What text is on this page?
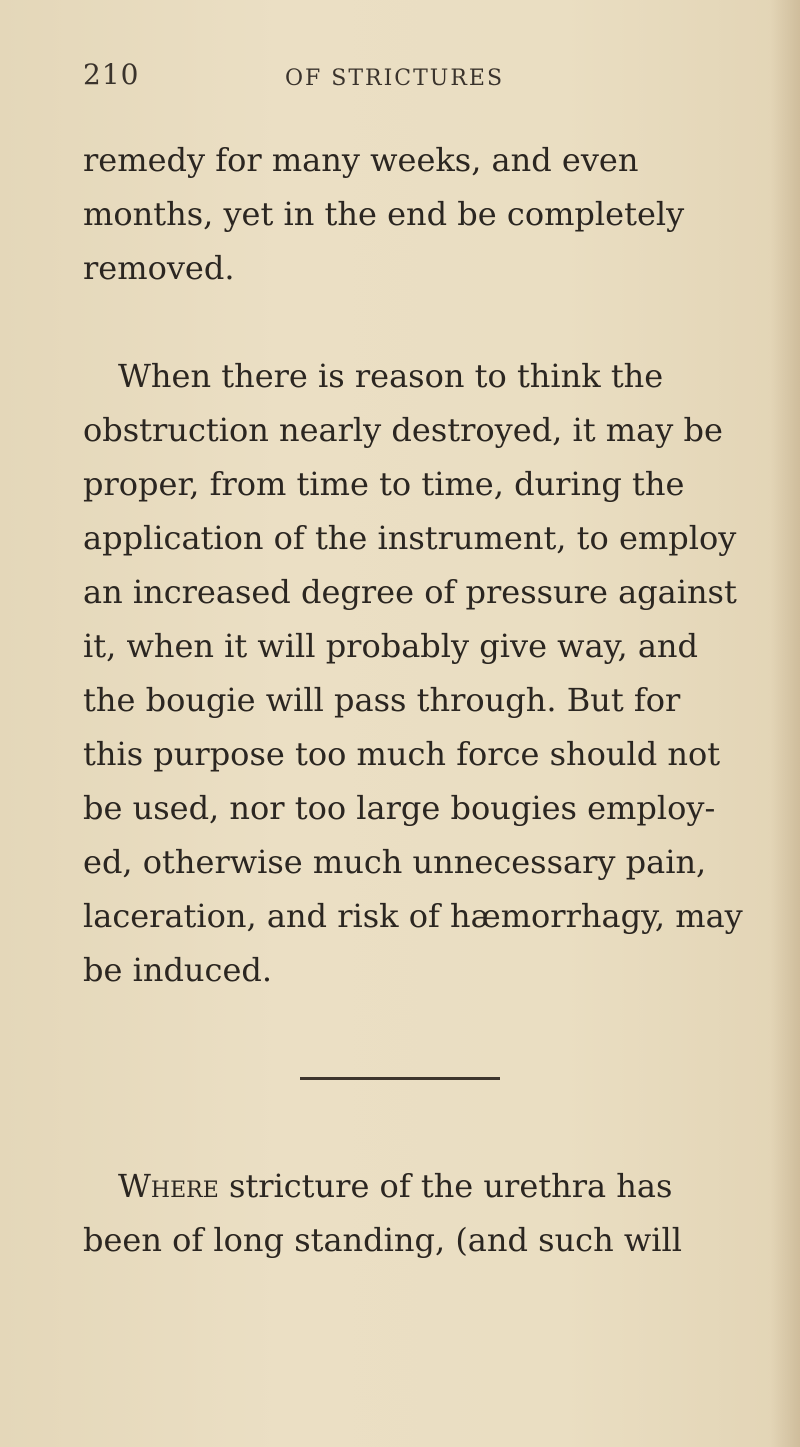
210	OF STRICTURES
remedy for many weeks, and even
months, yet in the end be completely
removed.
When there is reason to think the
obstruction nearly destroyed, it may be
proper, from time to time, during the
application of the instrument, to employ
an increased degree of pressure against
it, when it will probably give way, and
the bougie will pass through. But for
this purpose too much force should not
be used, nor too large bougies employ-
ed, otherwise much unnecessary pain,
laceration, and risk of hæmorrhagy, may
be induced.
Where stricture of the urethra has
been of long standing, (and such will
